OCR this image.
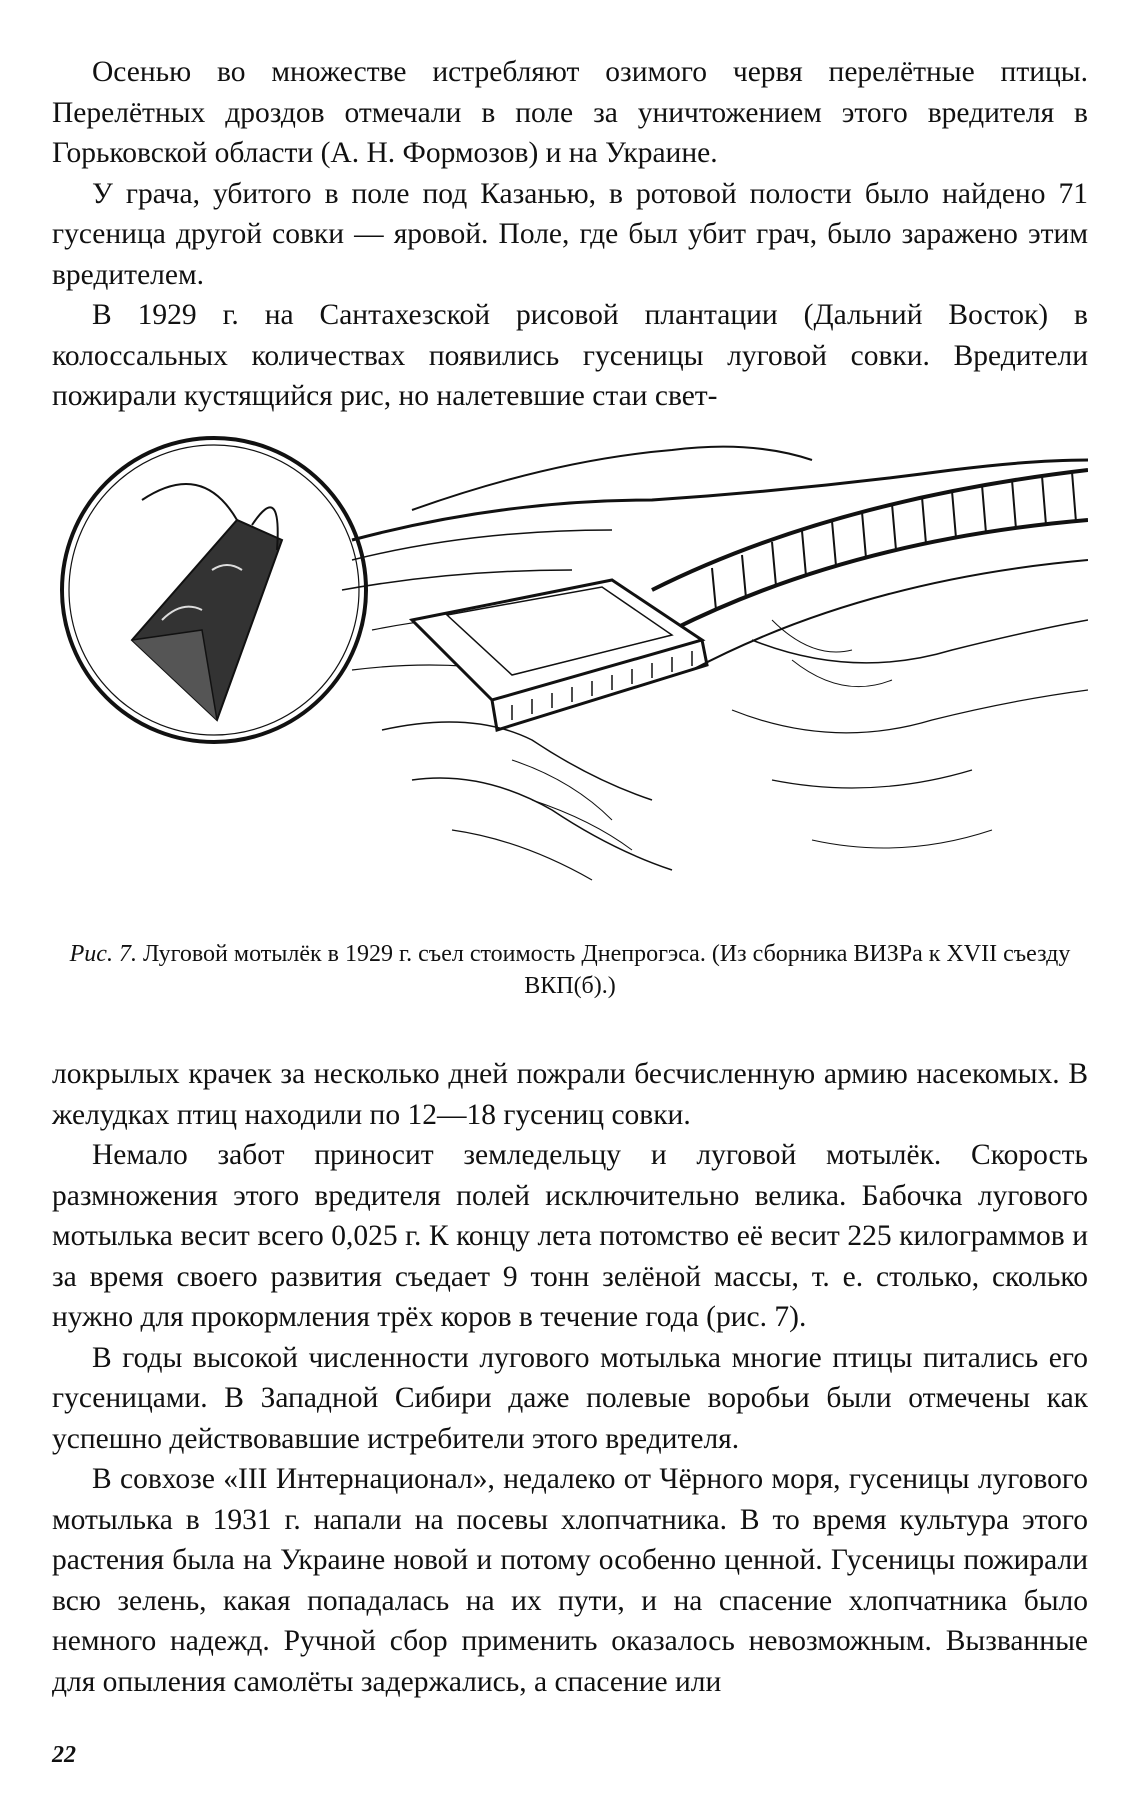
Осенью во множестве истребляют озимого червя перелётные птицы. Перелётных дроздов отмечали в поле за уничтожением этого вредителя в Горьковской области (А. Н. Формозов) и на Украине.

У грача, убитого в поле под Казанью, в ротовой полости было найдено 71 гусеница другой совки — яровой. Поле, где был убит грач, было заражено этим вредителем.

В 1929 г. на Сантахезской рисовой плантации (Дальний Восток) в колоссальных количествах появились гусеницы луговой совки. Вредители пожирали кустящийся рис, но налетевшие стаи свет-

Рис. 7. Луговой мотылёк в 1929 г. съел стоимость Днепрогэса. (Из сборника ВИЗРа к XVII съезду ВКП(б).)

локрылых крачек за несколько дней пожрали бесчисленную армию насекомых. В желудках птиц находили по 12—18 гусениц совки.

Немало забот приносит земледельцу и луговой мотылёк. Скорость размножения этого вредителя полей исключительно велика. Бабочка лугового мотылька весит всего 0,025 г. К концу лета потомство её весит 225 килограммов и за время своего развития съедает 9 тонн зелёной массы, т. е. столько, сколько нужно для прокормления трёх коров в течение года (рис. 7).

В годы высокой численности лугового мотылька многие птицы питались его гусеницами. В Западной Сибири даже полевые воробьи были отмечены как успешно действовавшие истребители этого вредителя.

В совхозе «III Интернационал», недалеко от Чёрного моря, гусеницы лугового мотылька в 1931 г. напали на посевы хлопчатника. В то время культура этого растения была на Украине новой и потому особенно ценной. Гусеницы пожирали всю зелень, какая попадалась на их пути, и на спасение хлопчатника было немного надежд. Ручной сбор применить оказалось невозможным. Вызванные для опыления самолёты задержались, а спасение или

22
